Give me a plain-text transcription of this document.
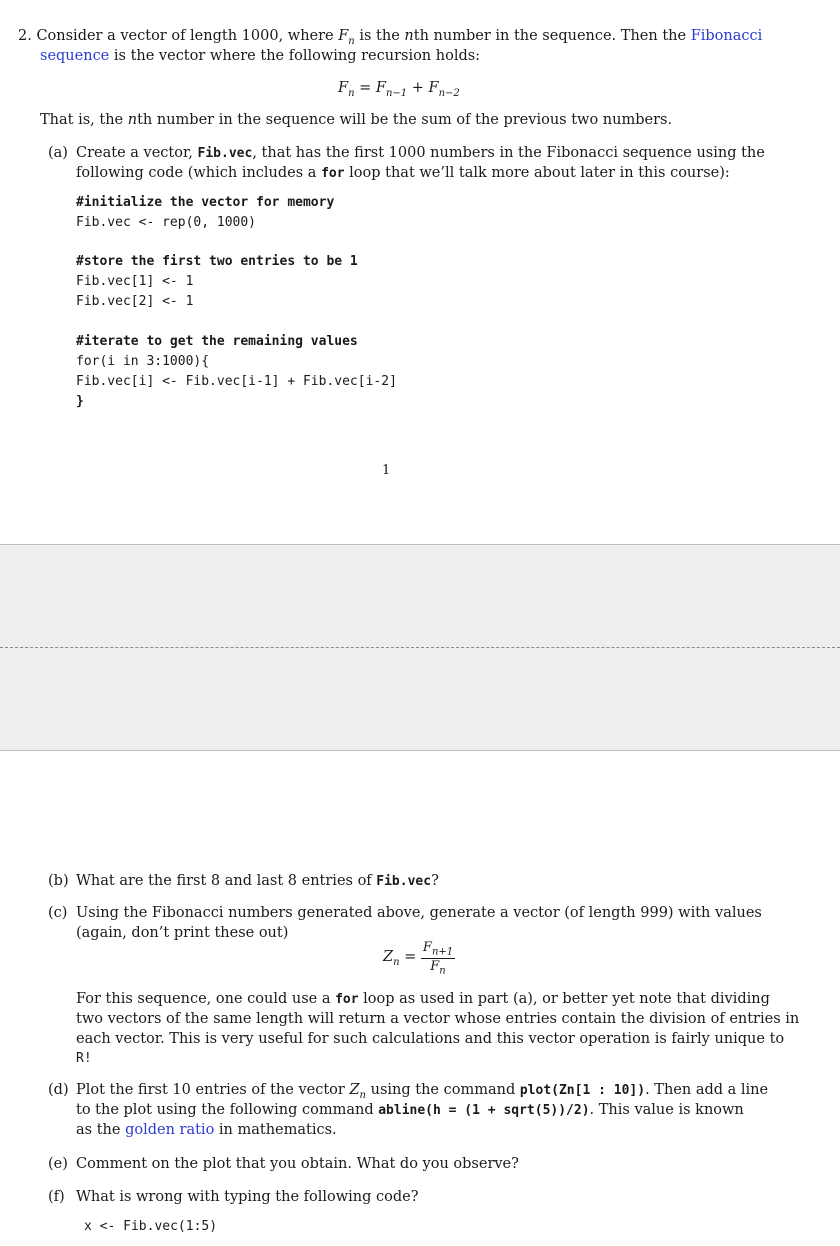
2. Consider a vector of length 1000, where $F_n$ is the nth number in the sequence. Then the Fibonacci
sequence is the vector where the following recursion holds:
$F_n = F_{n-1} + F_{n-2}$
That is, the nth number in the sequence will be the sum of the previous two numbers.
(a) Create a vector, Fib.vec, that has the first 1000 numbers in the Fibonacci sequence using the
following code (which includes a for loop that we’ll talk more about later in this course):
#initialize the vector for memory
Fib.vec <- rep(0, 1000)
#store the first two entries to be 1
Fib.vec[1] <- 1
Fib.vec[2] <- 1
#iterate to get the remaining values
for(i in 3:1000){
Fib.vec[i] <- Fib.vec[i-1] + Fib.vec[i-2]
}
1
(b) What are the first 8 and last 8 entries of Fib.vec?
(c) Using the Fibonacci numbers generated above, generate a vector (of length 999) with values
(again, don’t print these out)
$Z_n = \frac{F_{n+1}}{F_n}$
For this sequence, one could use a for loop as used in part (a), or better yet note that dividing
two vectors of the same length will return a vector whose entries contain the division of entries in
each vector. This is very useful for such calculations and this vector operation is fairly unique to
R!
(d) Plot the first 10 entries of the vector $Z_n$ using the command plot(Zn[1 : 10]). Then add a line
to the plot using the following command abline(h = (1 + sqrt(5))/2). This value is known
as the golden ratio in mathematics.
(e) Comment on the plot that you obtain. What do you observe?
(f) What is wrong with typing the following code?
x <- Fib.vec(1:5)
